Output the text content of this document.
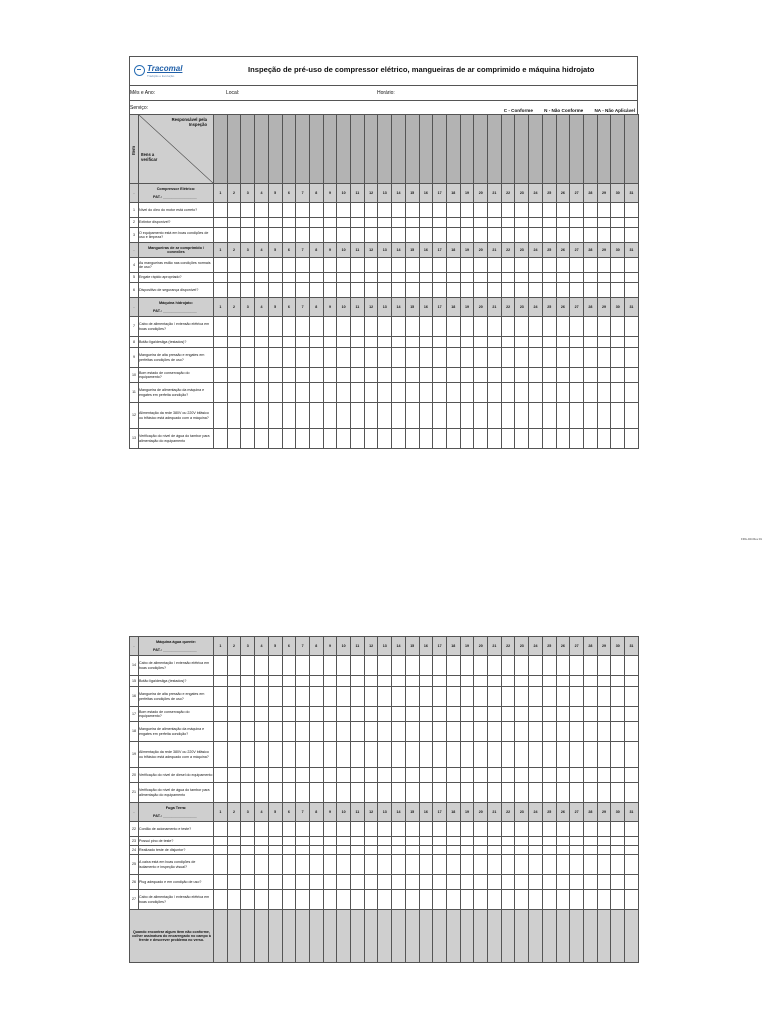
Tracomal
Tradição e Evolução
Inspeção de pré-uso de compressor elétrico, mangueiras de ar comprimido e máquina hidrojato
Mês e Ano:	Local:	Horário:
Serviço:	C - Conforme N - Não Conforme NA - Não Aplicável
Item	Responsável pela
Inspeção
Itens a
verificar																															

-	Compressor Elétrico:
PAT.: ________________	1	2	3	4	5	6	7	8	9	10	11	12	13	14	15	16	17	18	19	20	21	22	23	24	25	26	27	28	29	30	31
1	Nível do óleo do motor está correto?																															
2	Extintor disponível?																															
3	O equipamento está em boas condições de uso e limpeza?																															
-	Mangueiras de ar comprimido / conexões	1	2	3	4	5	6	7	8	9	10	11	12	13	14	15	16	17	18	19	20	21	22	23	24	25	26	27	28	29	30	31
4	As mangueiras estão nas condições normais de uso?																															
5	Engate rápido apropriado?																															
6	Dispositivo de segurança disponível?																															
-	Máquina hidrojato:
PAT.: ________________	1	2	3	4	5	6	7	8	9	10	11	12	13	14	15	16	17	18	19	20	21	22	23	24	25	26	27	28	29	30	31
7	Cabo de alimentação / extensão elétrica em boas condições?																															
8	Botão liga/desliga (testados)?																															
9	Mangueira de alta pressão e engates em perfeitas condições de uso?																															
10	Bom estado de conservação do equipamento?																															
11	Mangueira de alimentação da máquina e engates em perfeita condição?																															
12	Alimentação da rede 380V ou 220V bifásico ou trifásico está adequado com a máquina?																															
13	Verificação do nível de água do tambor para alimentação do equipamento																															
-	Máquina água quente:
PAT.: ________________	1	2	3	4	5	6	7	8	9	10	11	12	13	14	15	16	17	18	19	20	21	22	23	24	25	26	27	28	29	30	31
14	Cabo de alimentação / extensão elétrica em boas condições?																															
15	Botão liga/desliga (testados)?																															
16	Mangueira de alta pressão e engates em perfeitas condições de uso?																															
17	Bom estado de conservação do equipamento?																															
18	Mangueira de alimentação da máquina e engates em perfeita condição?																															
19	Alimentação da rede 380V ou 220V bifásico ou trifásico está adequado com a máquina?																															
20	Verificação do nível de diesel do equipamento																															
21	Verificação do nível de água do tambor para alimentação do equipamento																															
-	Fuga Terra:
PAT.: ________________	1	2	3	4	5	6	7	8	9	10	11	12	13	14	15	16	17	18	19	20	21	22	23	24	25	26	27	28	29	30	31
22	Cordão de acionamento e teste?																															
23	Possui pino de teste?																															
24	Realizado teste de disjuntor?																															
25	A caixa está em boas condições de isolamento e inspeção visual?																															
26	Plug adequado e em condição de uso?																															
27	Cabo de alimentação / extensão elétrica em boas condições?																															
Quando encontrar algum item não conforme, colher assinatura do encarregado no campo à frente e descrever problema no verso.																																
FRG-044 Rev.01
